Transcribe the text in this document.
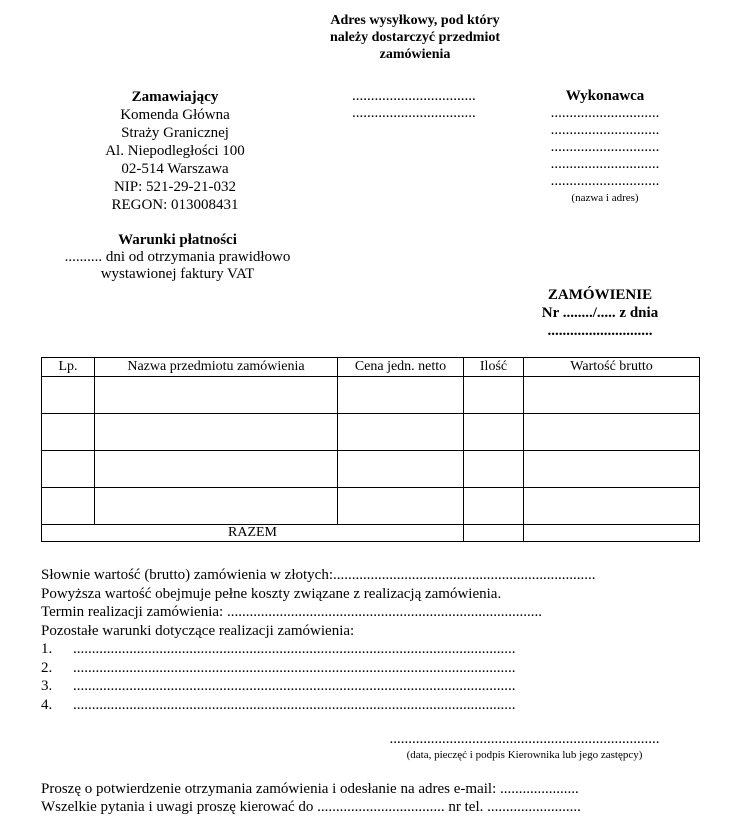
Adres wysyłkowy, pod który
należy dostarczyć przedmiot
zamówienia
Zamawiający
Komenda Główna
Straży Granicznej
Al. Niepodległości 100
02-514 Warszawa
NIP: 521-29-21-032
REGON: 013008431
.................................
.................................
Wykonawca
.............................
.............................
.............................
.............................
.............................
(nazwa i adres)
Warunki płatności
.......... dni od otrzymania prawidłowo
wystawionej faktury VAT
ZAMÓWIENIE
Nr ......../..... z dnia
............................
Lp.	Nazwa przedmiotu zamówienia	Cena jedn. netto	Ilość	Wartość brutto

RAZEM				
Słownie wartość (brutto) zamówienia w złotych:......................................................................
Powyższa wartość obejmuje pełne koszty związane z realizacją zamówienia.
Termin realizacji zamówienia: ....................................................................................
Pozostałe warunki dotyczące realizacji zamówienia:
1. ......................................................................................................................
2. ......................................................................................................................
3. ......................................................................................................................
4. ......................................................................................................................
........................................................................
(data, pieczęć i podpis Kierownika lub jego zastępcy)
Proszę o potwierdzenie otrzymania zamówienia i odesłanie na adres e-mail: .....................
Wszelkie pytania i uwagi proszę kierować do .................................. nr tel. .........................
